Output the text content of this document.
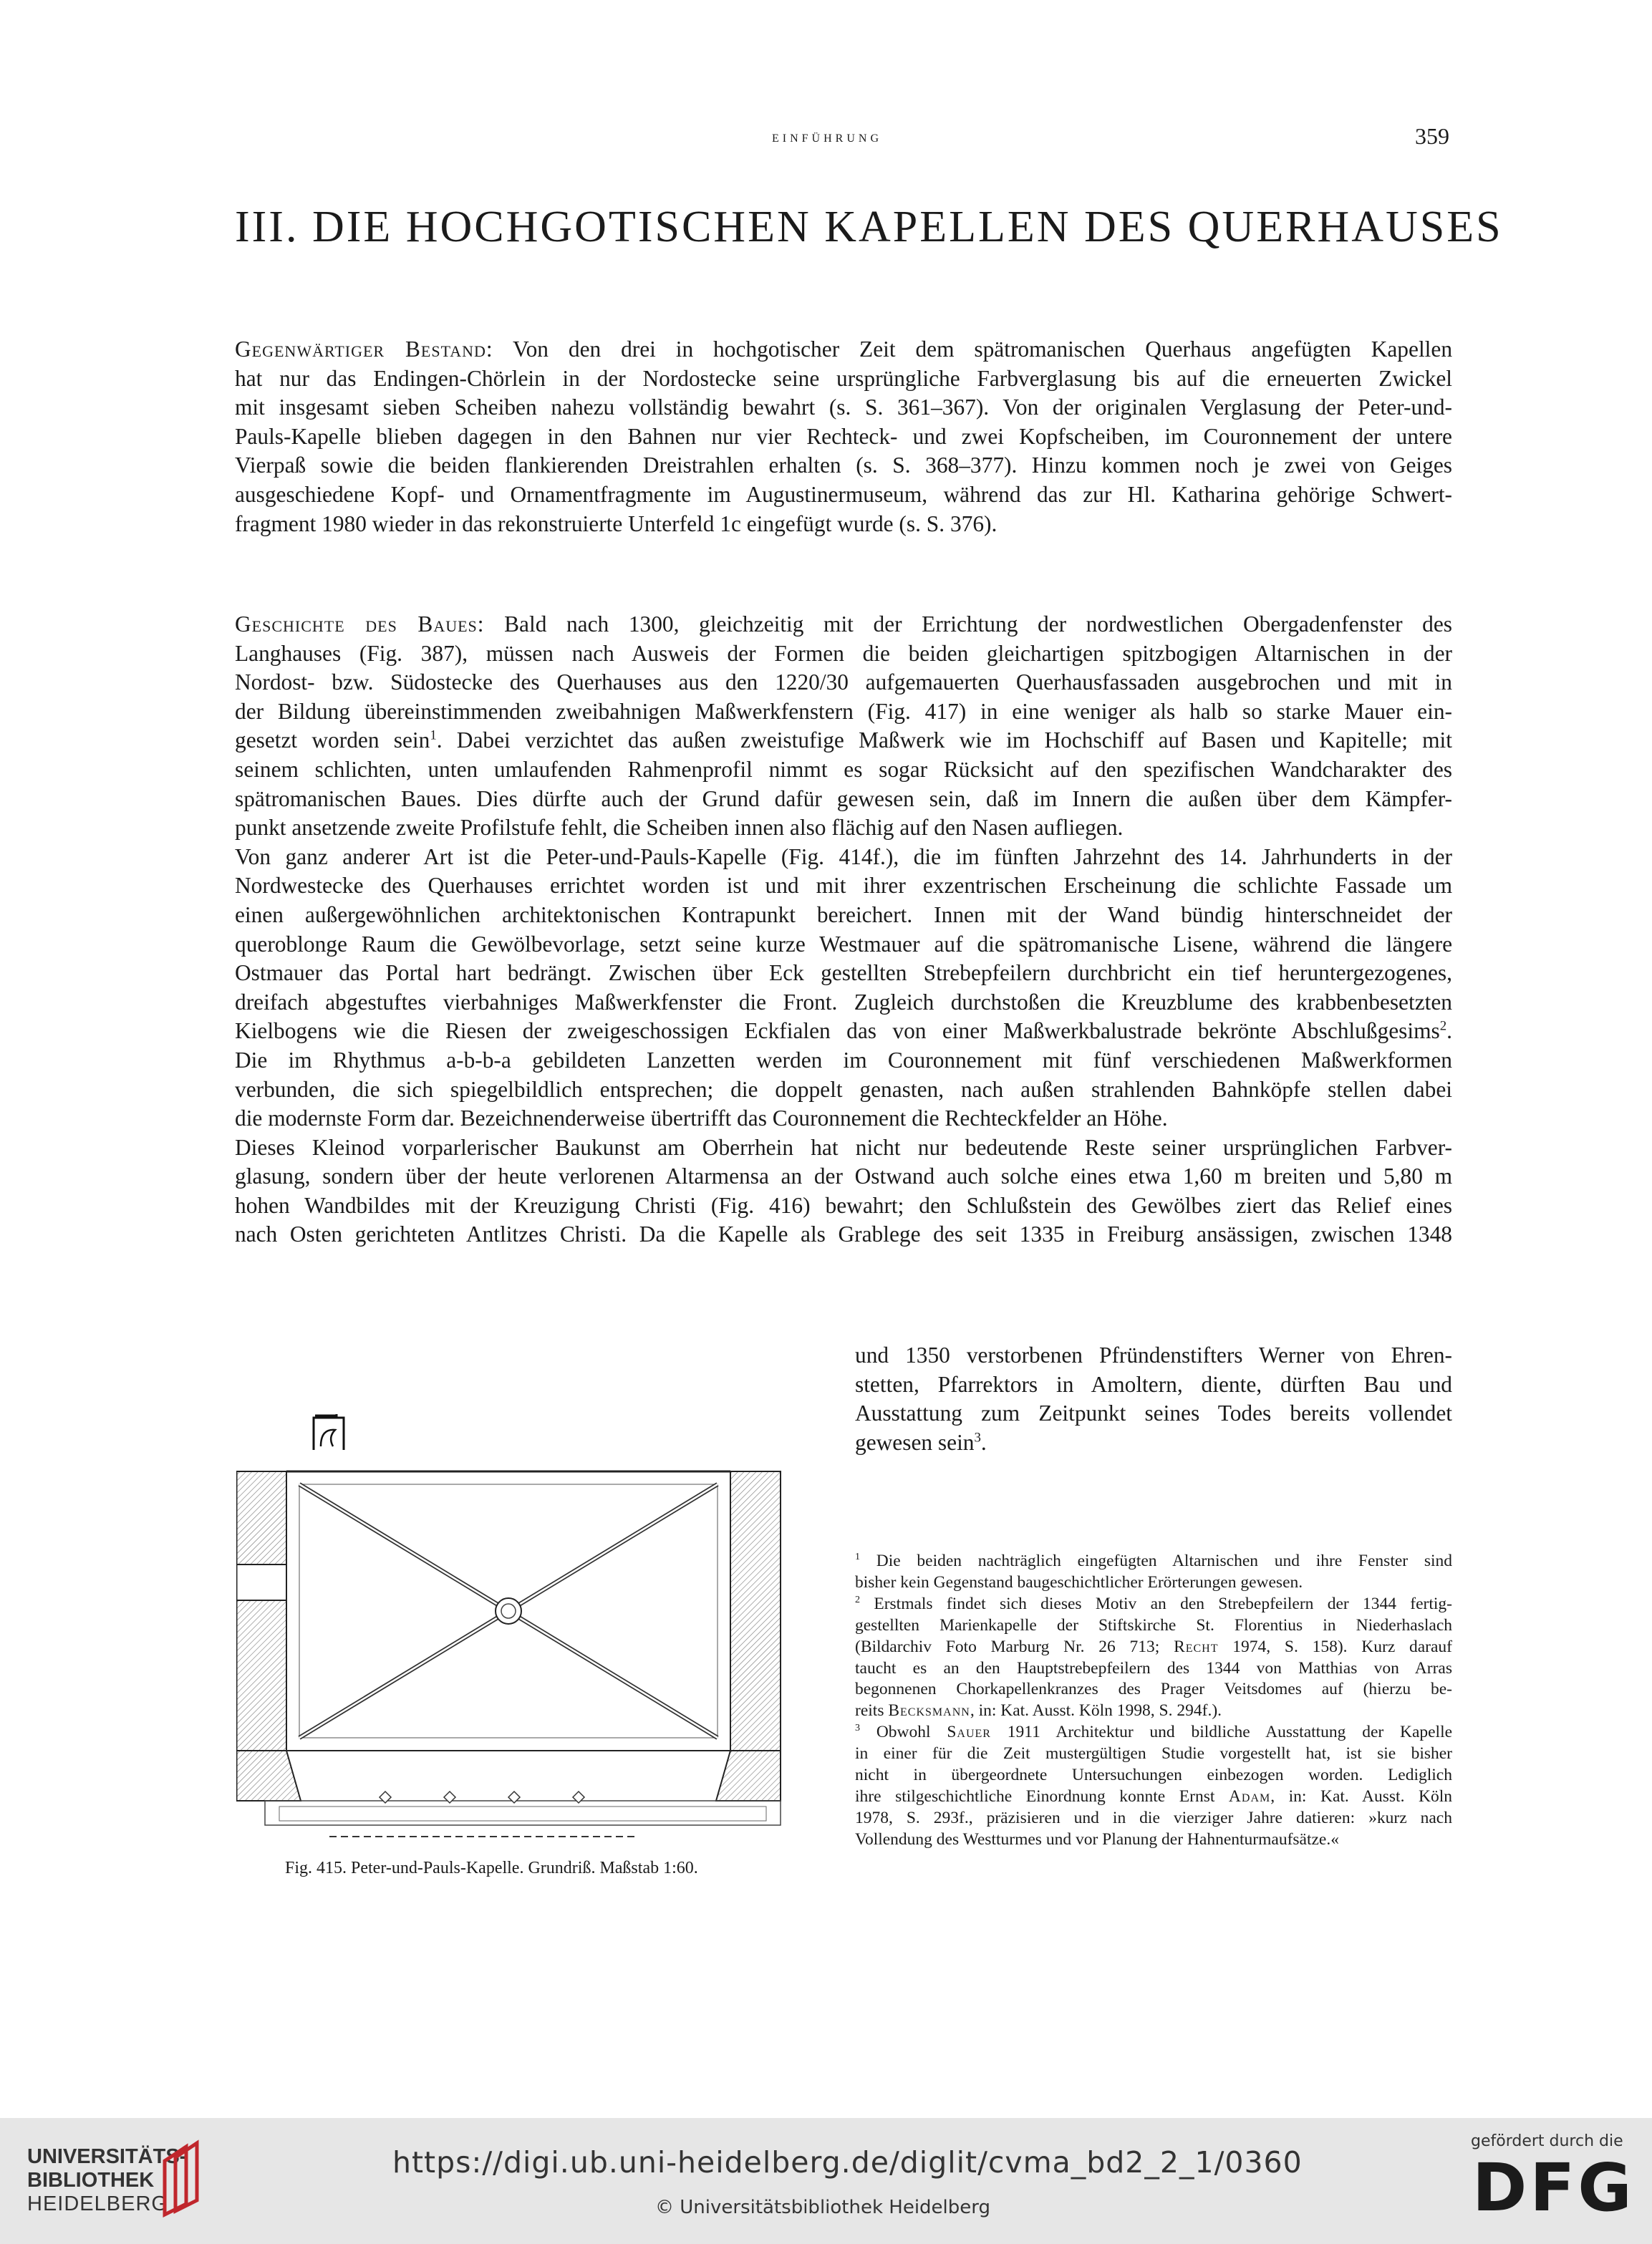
einführung	359
III. DIE HOCHGOTISCHEN KAPELLEN DES QUERHAUSES

Gegenwärtiger Bestand: Von den drei in hochgotischer Zeit dem spätromanischen Querhaus angefügten Kapellen

hat nur das Endingen-Chörlein in der Nordostecke seine ursprüngliche Farbverglasung bis auf die erneuerten Zwickel

mit insgesamt sieben Scheiben nahezu vollständig bewahrt (s. S. 361–367). Von der originalen Verglasung der Peter-und-

Pauls-Kapelle blieben dagegen in den Bahnen nur vier Rechteck- und zwei Kopfscheiben, im Couronnement der untere

Vierpaß sowie die beiden flankierenden Dreistrahlen erhalten (s. S. 368–377). Hinzu kommen noch je zwei von Geiges

ausgeschiedene Kopf- und Ornamentfragmente im Augustinermuseum, während das zur Hl. Katharina gehörige Schwert-

fragment 1980 wieder in das rekonstruierte Unterfeld 1c eingefügt wurde (s. S. 376).

Geschichte des Baues: Bald nach 1300, gleichzeitig mit der Errichtung der nordwestlichen Obergadenfenster des

Langhauses (Fig. 387), müssen nach Ausweis der Formen die beiden gleichartigen spitzbogigen Altarnischen in der

Nordost- bzw. Südostecke des Querhauses aus den 1220/30 aufgemauerten Querhausfassaden ausgebrochen und mit in

der Bildung übereinstimmenden zweibahnigen Maßwerkfenstern (Fig. 417) in eine weniger als halb so starke Mauer ein-

gesetzt worden sein$^1$. Dabei verzichtet das außen zweistufige Maßwerk wie im Hochschiff auf Basen und Kapitelle; mit

seinem schlichten, unten umlaufenden Rahmenprofil nimmt es sogar Rücksicht auf den spezifischen Wandcharakter des

spätromanischen Baues. Dies dürfte auch der Grund dafür gewesen sein, daß im Innern die außen über dem Kämpfer-

punkt ansetzende zweite Profilstufe fehlt, die Scheiben innen also flächig auf den Nasen aufliegen.

Von ganz anderer Art ist die Peter-und-Pauls-Kapelle (Fig. 414f.), die im fünften Jahrzehnt des 14. Jahrhunderts in der

Nordwestecke des Querhauses errichtet worden ist und mit ihrer exzentrischen Erscheinung die schlichte Fassade um

einen außergewöhnlichen architektonischen Kontrapunkt bereichert. Innen mit der Wand bündig hinterschneidet der

queroblonge Raum die Gewölbevorlage, setzt seine kurze Westmauer auf die spätromanische Lisene, während die längere

Ostmauer das Portal hart bedrängt. Zwischen über Eck gestellten Strebepfeilern durchbricht ein tief heruntergezogenes,

dreifach abgestuftes vierbahniges Maßwerkfenster die Front. Zugleich durchstoßen die Kreuzblume des krabbenbesetzten

Kielbogens wie die Riesen der zweigeschossigen Eckfialen das von einer Maßwerkbalustrade bekrönte Abschlußgesims$^2$.

Die im Rhythmus a-b-b-a gebildeten Lanzetten werden im Couronnement mit fünf verschiedenen Maßwerkformen

verbunden, die sich spiegelbildlich entsprechen; die doppelt genasten, nach außen strahlenden Bahnköpfe stellen dabei

die modernste Form dar. Bezeichnenderweise übertrifft das Couronnement die Rechteckfelder an Höhe.

Dieses Kleinod vorparlerischer Baukunst am Oberrhein hat nicht nur bedeutende Reste seiner ursprünglichen Farbver-

glasung, sondern über der heute verlorenen Altarmensa an der Ostwand auch solche eines etwa 1,60 m breiten und 5,80 m

hohen Wandbildes mit der Kreuzigung Christi (Fig. 416) bewahrt; den Schlußstein des Gewölbes ziert das Relief eines

nach Osten gerichteten Antlitzes Christi. Da die Kapelle als Grablege des seit 1335 in Freiburg ansässigen, zwischen 1348

und 1350 verstorbenen Pfründenstifters Werner von Ehren-

stetten, Pfarrektors in Amoltern, diente, dürften Bau und

Ausstattung zum Zeitpunkt seines Todes bereits vollendet

gewesen sein$^3$.

Fig. 415. Peter-und-Pauls-Kapelle. Grundriß. Maßstab 1:60.

$^1$ Die beiden nachträglich eingefügten Altarnischen und ihre Fenster sind

bisher kein Gegenstand baugeschichtlicher Erörterungen gewesen.

$^2$ Erstmals findet sich dieses Motiv an den Strebepfeilern der 1344 fertig-

gestellten Marienkapelle der Stiftskirche St. Florentius in Niederhaslach

(Bildarchiv Foto Marburg Nr. 26 713; Recht 1974, S. 158). Kurz darauf

taucht es an den Hauptstrebepfeilern des 1344 von Matthias von Arras

begonnenen Chorkapellenkranzes des Prager Veitsdomes auf (hierzu be-

reits Becksmann, in: Kat. Ausst. Köln 1998, S. 294f.).

$^3$ Obwohl Sauer 1911 Architektur und bildliche Ausstattung der Kapelle

in einer für die Zeit mustergültigen Studie vorgestellt hat, ist sie bisher

nicht in übergeordnete Untersuchungen einbezogen worden. Lediglich

ihre stilgeschichtliche Einordnung konnte Ernst Adam, in: Kat. Ausst. Köln

1978, S. 293f., präzisieren und in die vierziger Jahre datieren: »kurz nach

Vollendung des Westturmes und vor Planung der Hahnenturmaufsätze.«

UNIVERSITÄTS-
BIBLIOTHEK
HEIDELBERG
https://digi.ub.uni-heidelberg.de/diglit/cvma_bd2_2_1/0360
© Universitätsbibliothek Heidelberg
gefördert durch die
DFG
